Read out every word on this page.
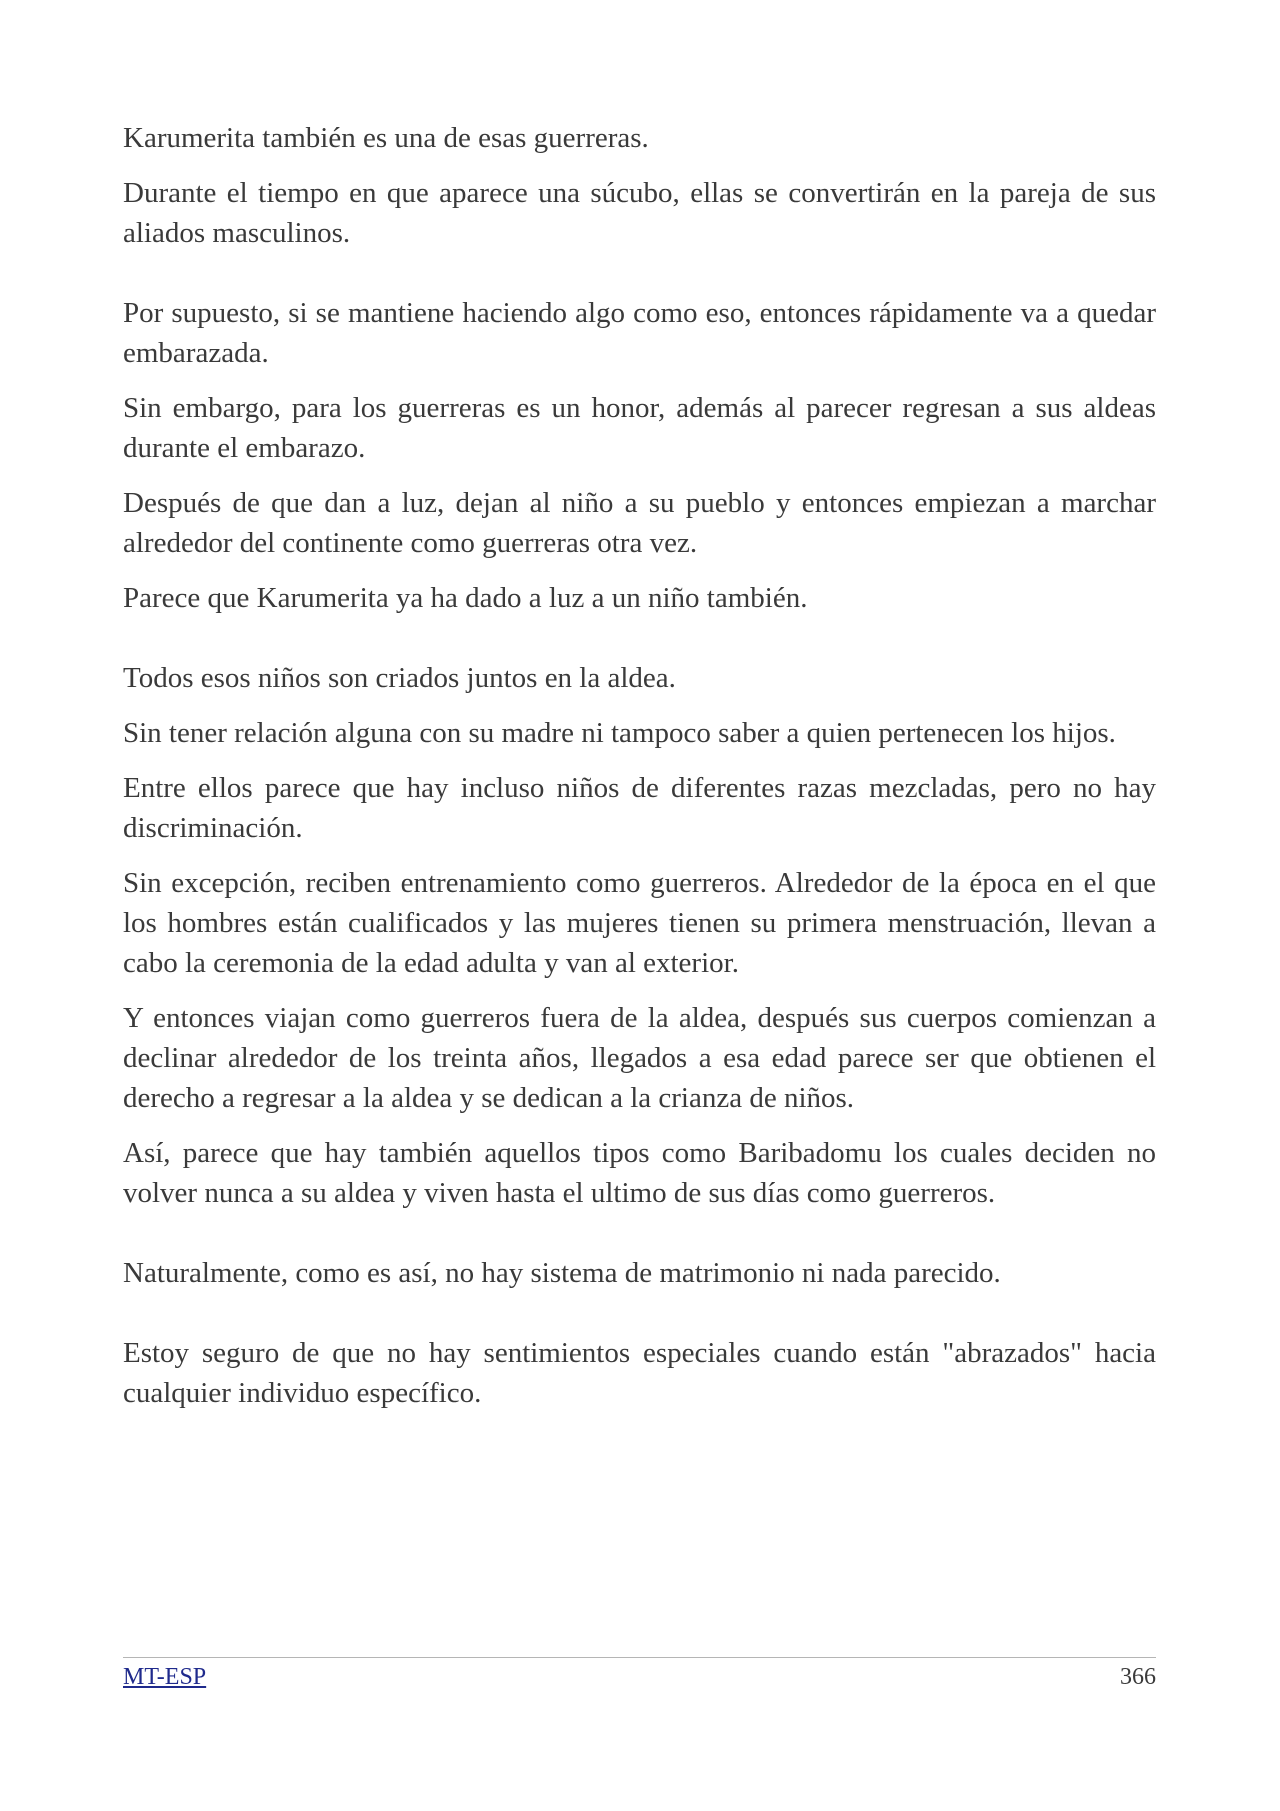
Karumerita también es una de esas guerreras.

Durante el tiempo en que aparece una súcubo, ellas se convertirán en la pareja de sus aliados masculinos.

Por supuesto, si se mantiene haciendo algo como eso, entonces rápidamente va a quedar embarazada.

Sin embargo, para los guerreras es un honor, además al parecer regresan a sus aldeas durante el embarazo.

Después de que dan a luz, dejan al niño a su pueblo y entonces empiezan a marchar alrededor del continente como guerreras otra vez.

Parece que Karumerita ya ha dado a luz a un niño también.

Todos esos niños son criados juntos en la aldea.

Sin tener relación alguna con su madre ni tampoco saber a quien pertenecen los hijos.

Entre ellos parece que hay incluso niños de diferentes razas mezcladas, pero no hay discriminación.

Sin excepción, reciben entrenamiento como guerreros. Alrededor de la época en el que los hombres están cualificados y las mujeres tienen su primera menstruación, llevan a cabo la ceremonia de la edad adulta y van al exterior.

Y entonces viajan como guerreros fuera de la aldea, después sus cuerpos comienzan a declinar alrededor de los treinta años, llegados a esa edad parece ser que obtienen el derecho a regresar a la aldea y se dedican a la crianza de niños.

Así, parece que hay también aquellos tipos como Baribadomu los cuales deciden no volver nunca a su aldea y viven hasta el ultimo de sus días como guerreros.

Naturalmente, como es así, no hay sistema de matrimonio ni nada parecido.

Estoy seguro de que no hay sentimientos especiales cuando están "abrazados" hacia cualquier individuo específico.

MT-ESP	366
